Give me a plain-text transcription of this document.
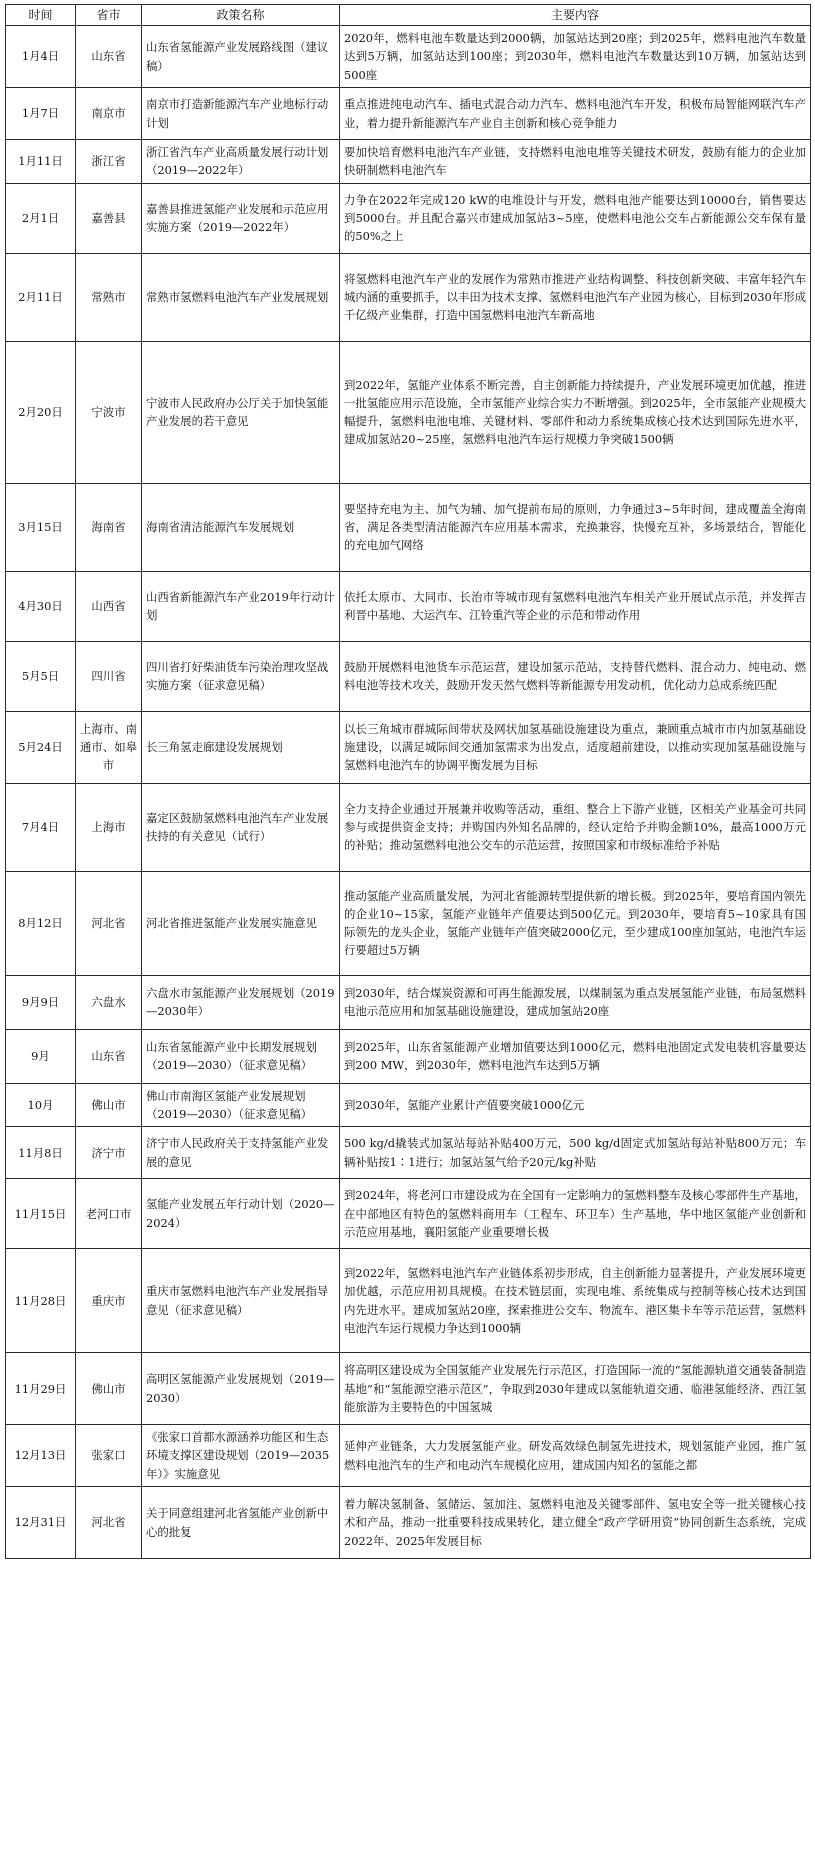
时间	省市	政策名称	主要内容
1月4日	山东省	山东省氢能源产业发展路线图（建议稿）	2020年，燃料电池车数量达到2000辆，加氢站达到20座；到2025年，燃料电池汽车数量达到5万辆，加氢站达到100座；到2030年，燃料电池汽车数量达到10万辆，加氢站达到500座
1月7日	南京市	南京市打造新能源汽车产业地标行动计划	重点推进纯电动汽车、插电式混合动力汽车、燃料电池汽车开发，积极布局智能网联汽车产业，着力提升新能源汽车产业自主创新和核心竞争能力
1月11日	浙江省	浙江省汽车产业高质量发展行动计划（2019—2022年）	要加快培育燃料电池汽车产业链，支持燃料电池电堆等关键技术研发，鼓励有能力的企业加快研制燃料电池汽车
2月1日	嘉善县	嘉善县推进氢能产业发展和示范应用实施方案（2019—2022年）	力争在2022年完成120 kW的电堆设计与开发，燃料电池产能要达到10000台，销售要达到5000台。并且配合嘉兴市建成加氢站3~5座，使燃料电池公交车占新能源公交车保有量的50%之上
2月11日	常熟市	常熟市氢燃料电池汽车产业发展规划	将氢燃料电池汽车产业的发展作为常熟市推进产业结构调整、科技创新突破、丰富年轻汽车城内涵的重要抓手，以丰田为技术支撑、氢燃料电池汽车产业园为核心，目标到2030年形成千亿级产业集群，打造中国氢燃料电池汽车新高地
2月20日	宁波市	宁波市人民政府办公厅关于加快氢能产业发展的若干意见	到2022年，氢能产业体系不断完善，自主创新能力持续提升，产业发展环境更加优越，推进一批氢能应用示范设施，全市氢能产业综合实力不断增强。到2025年，全市氢能产业规模大幅提升，氢燃料电池电堆、关键材料、零部件和动力系统集成核心技术达到国际先进水平，建成加氢站20~25座，氢燃料电池汽车运行规模力争突破1500辆
3月15日	海南省	海南省清洁能源汽车发展规划	要坚持充电为主、加气为辅、加气提前布局的原则，力争通过3~5年时间，建成覆盖全海南省，满足各类型清洁能源汽车应用基本需求，充换兼容，快慢充互补，多场景结合，智能化的充电加气网络
4月30日	山西省	山西省新能源汽车产业2019年行动计划	依托太原市、大同市、长治市等城市现有氢燃料电池汽车相关产业开展试点示范，并发挥吉利晋中基地、大运汽车、江铃重汽等企业的示范和带动作用
5月5日	四川省	四川省打好柴油货车污染治理攻坚战实施方案（征求意见稿）	鼓励开展燃料电池货车示范运营，建设加氢示范站，支持替代燃料、混合动力、纯电动、燃料电池等技术攻关，鼓励开发天然气燃料等新能源专用发动机，优化动力总成系统匹配
5月24日	上海市、南通市、如皋市	长三角氢走廊建设发展规划	以长三角城市群城际间带状及网状加氢基础设施建设为重点，兼顾重点城市市内加氢基础设施建设，以满足城际间交通加氢需求为出发点，适度超前建设，以推动实现加氢基础设施与氢燃料电池汽车的协调平衡发展为目标
7月4日	上海市	嘉定区鼓励氢燃料电池汽车产业发展扶持的有关意见（试行）	全力支持企业通过开展兼并收购等活动，重组、整合上下游产业链，区相关产业基金可共同参与或提供资金支持；并购国内外知名品牌的，经认定给予并购金额10%，最高1000万元的补贴；推动氢燃料电池公交车的示范运营，按照国家和市级标准给予补贴
8月12日	河北省	河北省推进氢能产业发展实施意见	推动氢能产业高质量发展，为河北省能源转型提供新的增长极。到2025年，要培育国内领先的企业10~15家，氢能产业链年产值要达到500亿元。到2030年，要培育5~10家具有国际领先的龙头企业，氢能产业链年产值突破2000亿元，至少建成100座加氢站，电池汽车运行要超过5万辆
9月9日	六盘水	六盘水市氢能源产业发展规划（2019—2030年）	到2030年，结合煤炭资源和可再生能源发展，以煤制氢为重点发展氢能产业链，布局氢燃料电池示范应用和加氢基础设施建设，建成加氢站20座
9月	山东省	山东省氢能源产业中长期发展规划（2019—2030）（征求意见稿）	到2025年，山东省氢能源产业增加值要达到1000亿元，燃料电池固定式发电装机容量要达到200 MW，到2030年，燃料电池汽车达到5万辆
10月	佛山市	佛山市南海区氢能产业发展规划（2019—2030）（征求意见稿）	到2030年，氢能产业累计产值要突破1000亿元
11月8日	济宁市	济宁市人民政府关于支持氢能产业发展的意见	500 kg/d撬装式加氢站每站补贴400万元，500 kg/d固定式加氢站每站补贴800万元；车辆补贴按1∶1进行；加氢站氢气给予20元/kg补贴
11月15日	老河口市	氢能产业发展五年行动计划（2020—2024）	到2024年，将老河口市建设成为在全国有一定影响力的氢燃料整车及核心零部件生产基地，在中部地区有特色的氢燃料商用车（工程车、环卫车）生产基地，华中地区氢能产业创新和示范应用基地，襄阳氢能产业重要增长极
11月28日	重庆市	重庆市氢燃料电池汽车产业发展指导意见（征求意见稿）	到2022年，氢燃料电池汽车产业链体系初步形成，自主创新能力显著提升，产业发展环境更加优越，示范应用初具规模。在技术链层面，实现电堆、系统集成与控制等核心技术达到国内先进水平。建成加氢站20座，探索推进公交车、物流车、港区集卡车等示范运营，氢燃料电池汽车运行规模力争达到1000辆
11月29日	佛山市	高明区氢能源产业发展规划（2019—2030）	将高明区建设成为全国氢能产业发展先行示范区，打造国际一流的“氢能源轨道交通装备制造基地”和“氢能源空港示范区”，争取到2030年建成以氢能轨道交通、临港氢能经济、西江氢能旅游为主要特色的中国氢城
12月13日	张家口	《张家口首都水源涵养功能区和生态环境支撑区建设规划（2019—2035年）》实施意见	延伸产业链条，大力发展氢能产业。研发高效绿色制氢先进技术，规划氢能产业园，推广氢燃料电池汽车的生产和电动汽车规模化应用，建成国内知名的氢能之都
12月31日	河北省	关于同意组建河北省氢能产业创新中心的批复	着力解决氢制备、氢储运、氢加注、氢燃料电池及关键零部件、氢电安全等一批关键核心技术和产品，推动一批重要科技成果转化，建立健全“政产学研用资”协同创新生态系统，完成2022年、2025年发展目标
